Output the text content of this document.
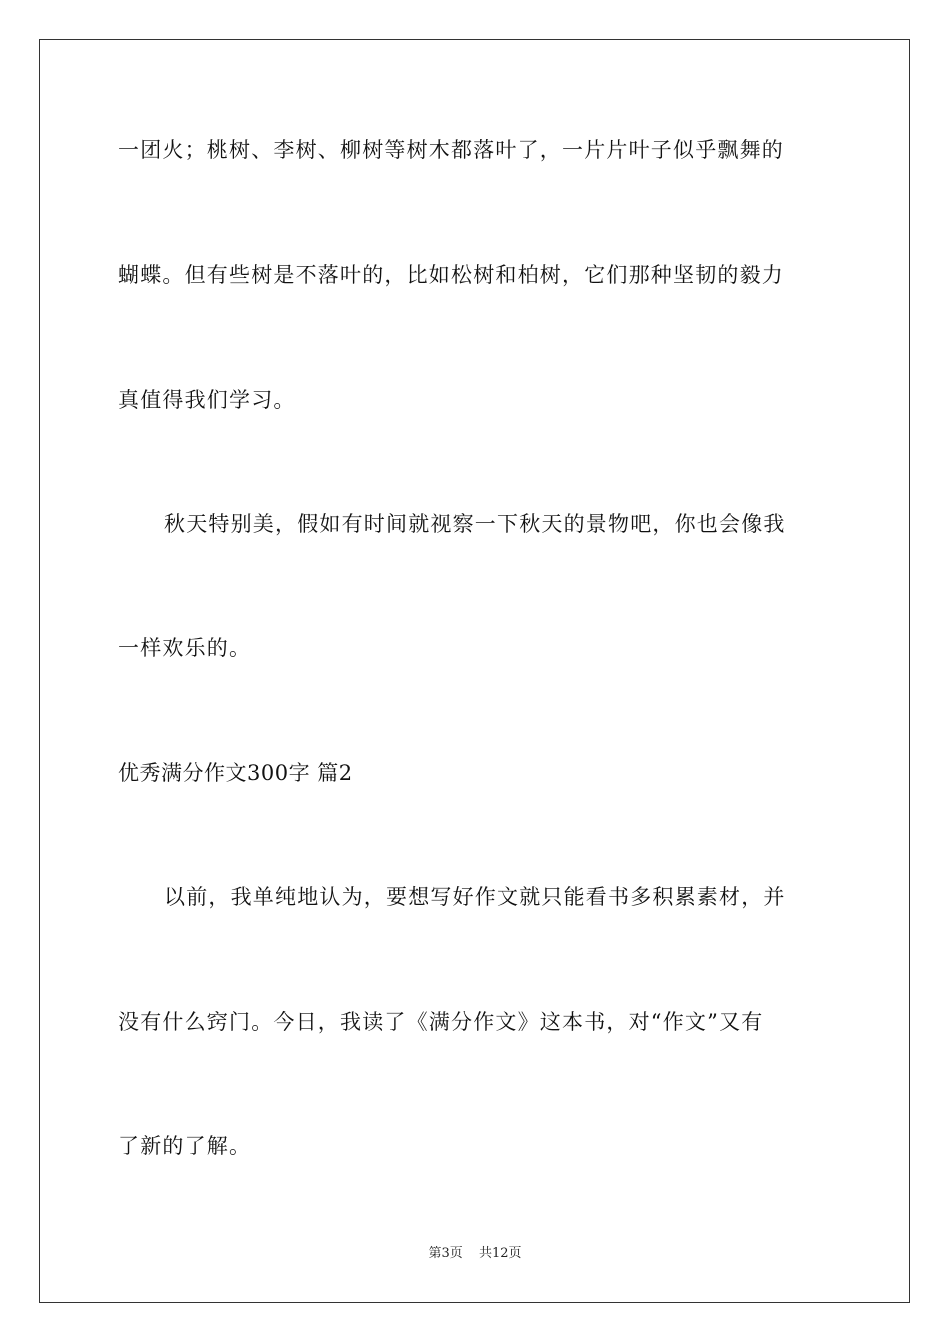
一团火；桃树、李树、柳树等树木都落叶了，一片片叶子似乎飘舞的
蝴蝶。但有些树是不落叶的，比如松树和柏树，它们那种坚韧的毅力
真值得我们学习。
秋天特别美，假如有时间就视察一下秋天的景物吧，你也会像我
一样欢乐的。
优秀满分作文300字 篇2
以前，我单纯地认为，要想写好作文就只能看书多积累素材，并
没有什么窍门。今日，我读了《满分作文》这本书，对“作文”又有
了新的了解。
第3页 共12页
